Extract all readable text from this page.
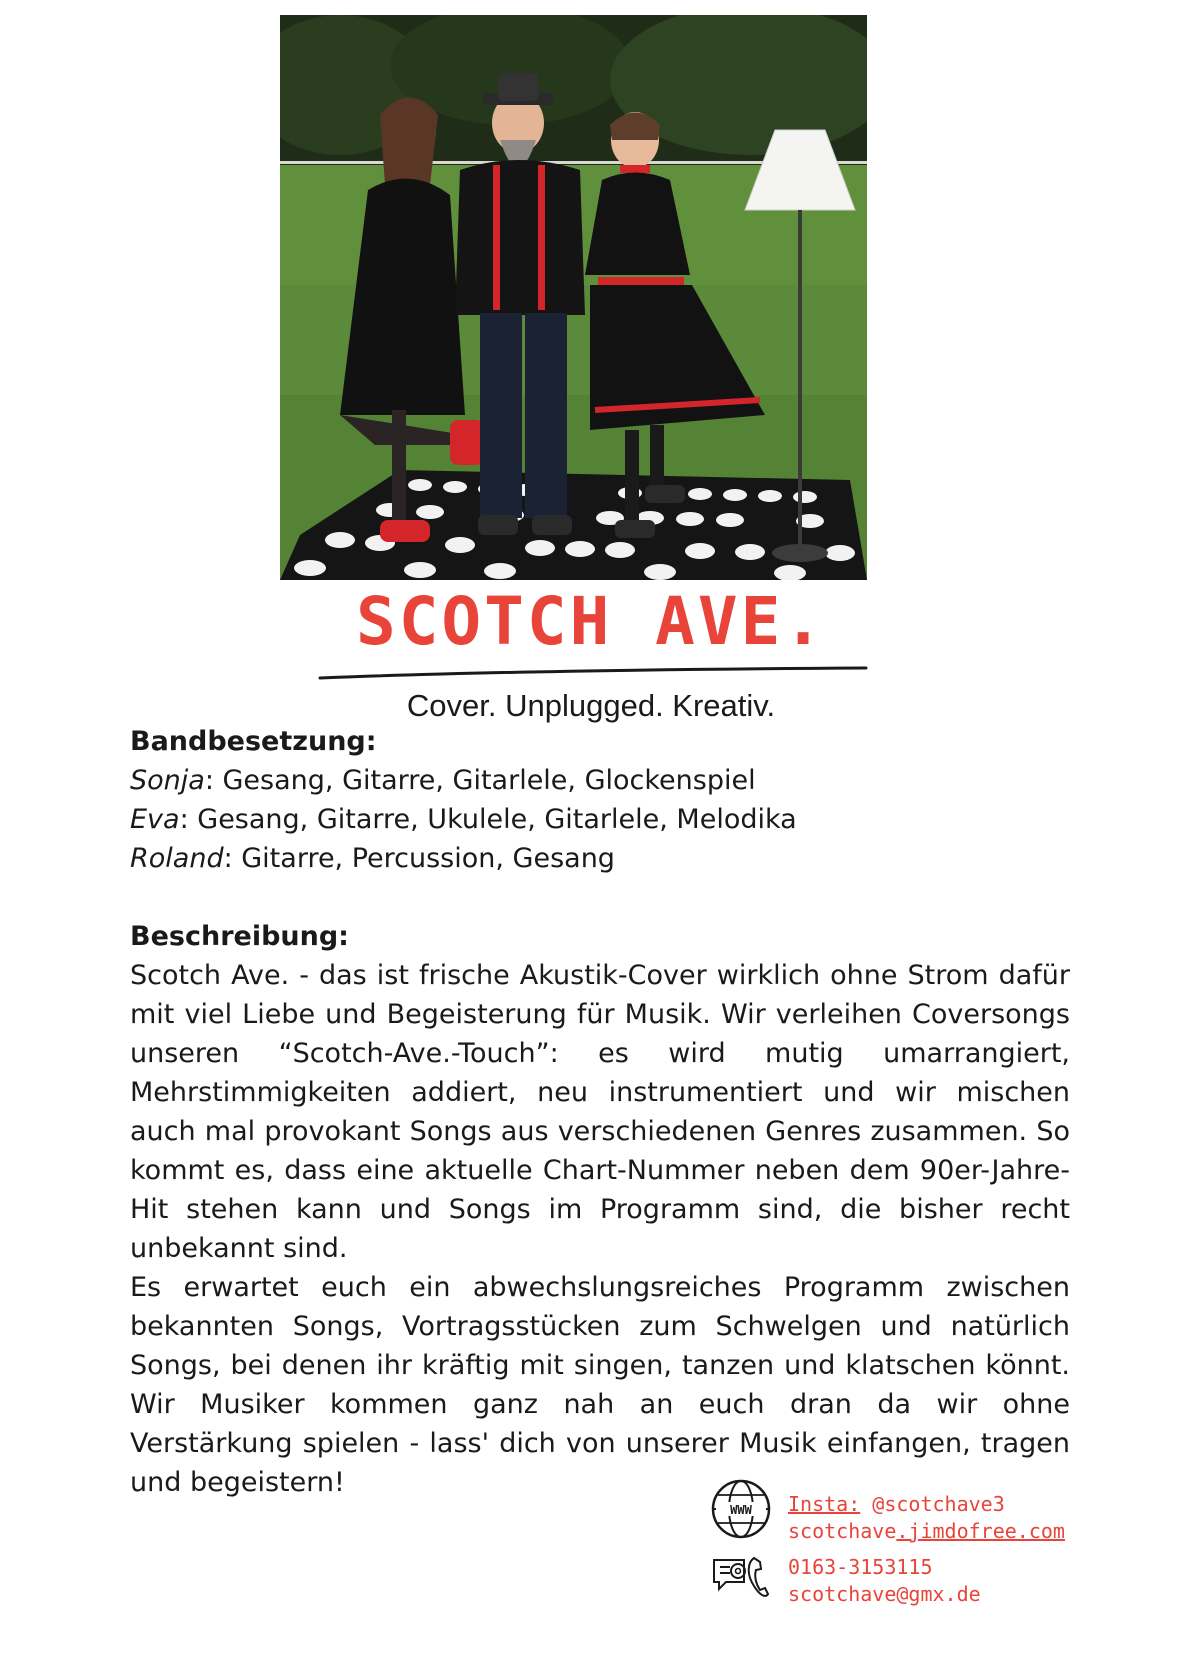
SCOTCH AVE.
Cover. Unplugged. Kreativ.
Bandbesetzung:
Sonja: Gesang, Gitarre, Gitarlele, Glockenspiel
Eva: Gesang, Gitarre, Ukulele, Gitarlele, Melodika
Roland: Gitarre, Percussion, Gesang
Beschreibung:

Scotch Ave. - das ist frische Akustik-Cover wirklich ohne Strom dafür mit viel Liebe und Begeisterung für Musik. Wir verleihen Coversongs unseren “Scotch-Ave.-Touch”: es wird mutig umarrangiert, Mehrstimmigkeiten addiert, neu instrumentiert und wir mischen auch mal provokant Songs aus verschiedenen Genres zusammen. So kommt es, dass eine aktuelle Chart-Nummer neben dem 90er-Jahre-Hit stehen kann und Songs im Programm sind, die bisher recht unbekannt sind.

Es erwartet euch ein abwechslungsreiches Programm zwischen bekannten Songs, Vortragsstücken zum Schwelgen und natürlich Songs, bei denen ihr kräftig mit singen, tanzen und klatschen könnt. Wir Musiker kommen ganz nah an euch dran da wir ohne Verstärkung spielen - lass' dich von unserer Musik einfangen, tragen und begeistern!

WWW Insta: @scotchave3
scotchave.jimdofree.com
0163-3153115
scotchave@gmx.de
